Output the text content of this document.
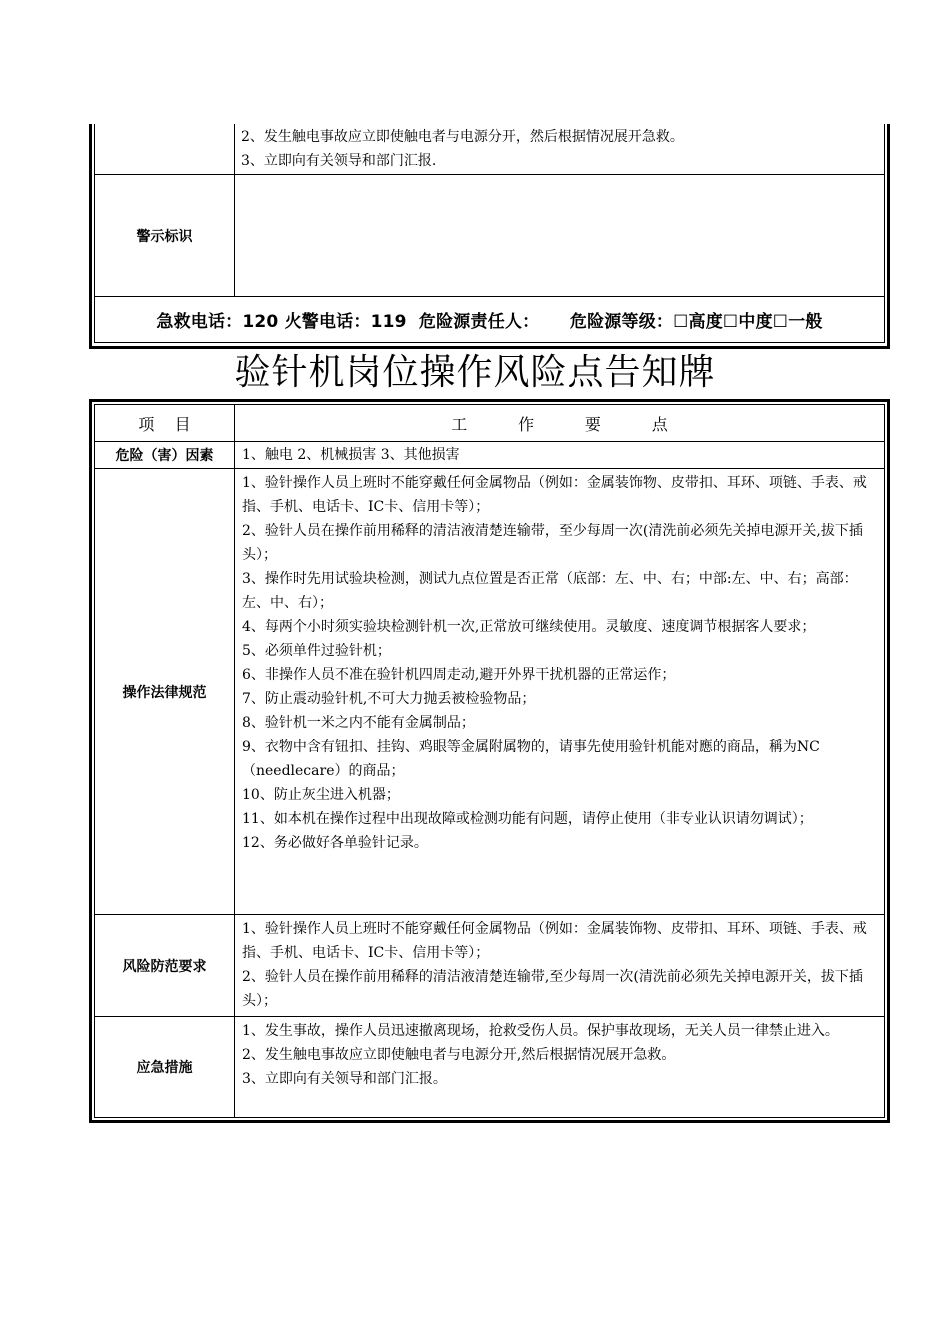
2、发生触电事故应立即使触电者与电源分开，然后根据情况展开急救。

3、立即向有关领导和部门汇报.

警示标识
急救电话：120 火警电话：119  危险源责任人：     危险源等级：☐高度☐中度☐一般
验针机岗位操作风险点告知牌
项    目	工          作          要          点
危险（害）因素	1、触电 2、机械损害 3、其他损害

操作法律规范

1、验针操作人员上班时不能穿戴任何金属物品（例如：金属装饰物、皮带扣、耳环、项链、手表、戒指、手机、电话卡、IC卡、信用卡等）；

2、验针人员在操作前用稀释的清洁液清楚连输带，至少每周一次(清洗前必须先关掉电源开关,拔下插头）；

3、操作时先用试验块检测，测试九点位置是否正常（底部：左、中、右；中部:左、中、右；高部：左、中、右）；

4、每两个小时须实验块检测针机一次,正常放可继续使用。灵敏度、速度调节根据客人要求；

5、必须单件过验针机；

6、非操作人员不准在验针机四周走动,避开外界干扰机器的正常运作；

7、防止震动验针机,不可大力抛丢被检验物品；

8、验针机一米之内不能有金属制品；

9、衣物中含有钮扣、挂钩、鸡眼等金属附属物的，请事先使用验针机能对應的商品，稱为NC（needlecare）的商品；

10、防止灰尘进入机器；

11、如本机在操作过程中出现故障或检测功能有问题，请停止使用（非专业认识请勿调试）；

12、务必做好各单验针记录。

风险防范要求

1、验针操作人员上班时不能穿戴任何金属物品（例如：金属装饰物、皮带扣、耳环、项链、手表、戒指、手机、电话卡、IC卡、信用卡等）；

2、验针人员在操作前用稀释的清洁液清楚连输带,至少每周一次(清洗前必须先关掉电源开关，拔下插头）；

应急措施

1、发生事故，操作人员迅速撤离现场，抢救受伤人员。保护事故现场，无关人员一律禁止进入。

2、发生触电事故应立即使触电者与电源分开,然后根据情况展开急救。

3、立即向有关领导和部门汇报。
